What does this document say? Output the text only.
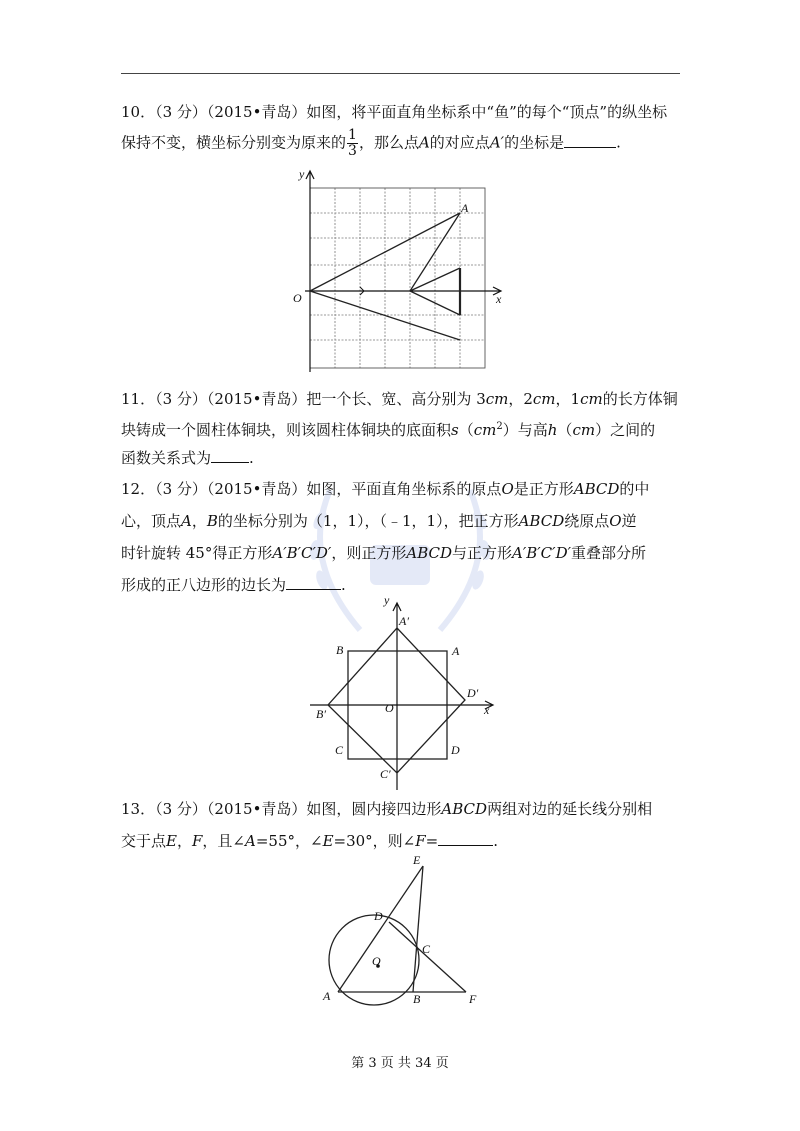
10．（3 分）（2015•青岛）如图，将平面直角坐标系中“鱼”的每个“顶点”的纵坐标

保持不变，横坐标分别变为原来的 $\frac{1}{3}$ ，那么点A的对应点A′的坐标是	.

y
x
O
A

11．（3 分）（2015•青岛）把一个长、宽、高分别为 3cm，2cm，1cm的长方体铜

块铸成一个圆柱体铜块，则该圆柱体铜块的底面积$s(cm^2)$与高h（cm）之间的

函数关系式为	.

12．（3 分）（2015•青岛）如图，平面直角坐标系的原点O是正方形ABCD的中

心，顶点A，B的坐标分别为（1，1），（﹣1，1），把正方形ABCD绕原点O逆

时针旋转 45°得正方形A′B′C′D′，则正方形ABCD与正方形A′B′C′D′重叠部分所

形成的正八边形的边长为	.

y
x
O
A
B
C	D
A′
B′
C′
D′

13．（3 分）（2015•青岛）如图，圆内接四边形ABCD两组对边的延长线分别相

交于点E，F，且∠A=55°，∠E=30°，则∠F=	.

E
D
C
O
A	B	F
第 3 页 共 34 页
